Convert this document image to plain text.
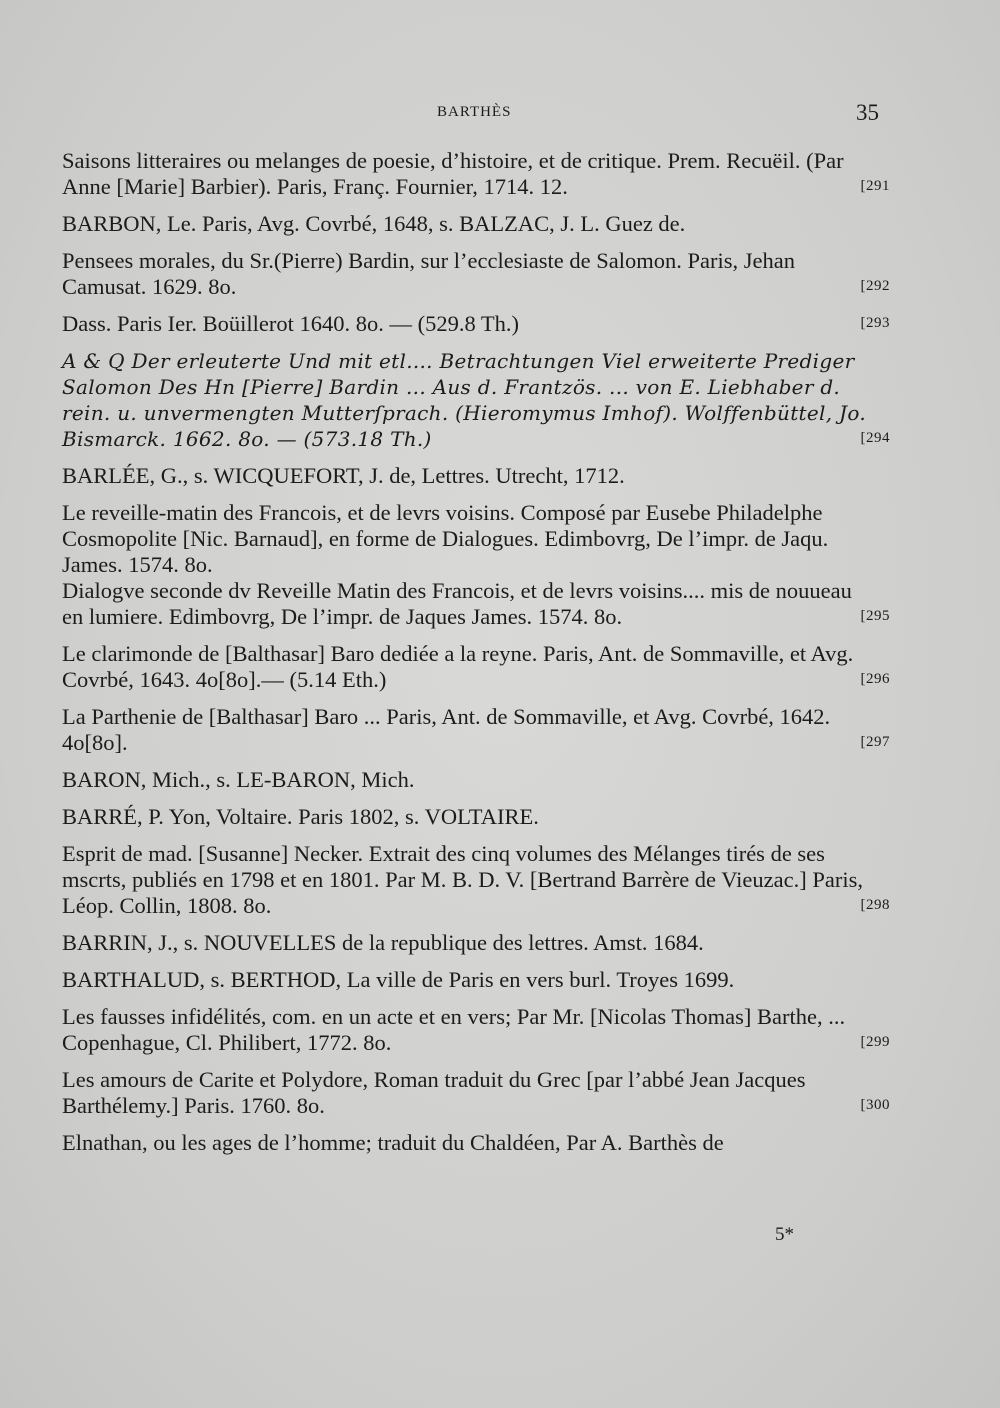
BARTHÈS	35
Saisons litteraires ou melanges de poesie, d’histoire, et de critique. Prem. Recuëil. (Par Anne [Marie] Barbier). Paris, Franç. Fournier, 1714. 12.	[291
BARBON, Le. Paris, Avg. Covrbé, 1648, s. BALZAC, J. L. Guez de.
Pensees morales, du Sr.(Pierre) Bardin, sur l’ecclesiaste de Salomon. Paris, Jehan Camusat. 1629. 8o.	[292
Dass. Paris Ier. Boüillerot 1640. 8o. — (529.8 Th.)	[293
A & Q Der erleuterte Und mit etl.... Betrachtungen Viel erweiterte Prediger Salomon Des Hn [Pierre] Bardin ... Aus d. Frantzös. ... von E. Liebhaber d. rein. u. unvermengten Mutterſprach. (Hieromymus Imhof). Wolffenbüttel, Jo. Bismarck. 1662. 8o. — (573.18 Th.)	[294
BARLÉE, G., s. WICQUEFORT, J. de, Lettres. Utrecht, 1712.
Le reveille-matin des Francois, et de levrs voisins. Composé par Eusebe Philadelphe Cosmopolite [Nic. Barnaud], en forme de Dialogues. Edimbovrg, De l’impr. de Jaqu. James. 1574. 8o.
Dialogve seconde dv Reveille Matin des Francois, et de levrs voisins.... mis de nouueau en lumiere. Edimbovrg, De l’impr. de Jaques James. 1574. 8o.	[295
Le clarimonde de [Balthasar] Baro dediée a la reyne. Paris, Ant. de Sommaville, et Avg. Covrbé, 1643. 4o[8o].— (5.14 Eth.)	[296
La Parthenie de [Balthasar] Baro ... Paris, Ant. de Sommaville, et Avg. Covrbé, 1642. 4o[8o].	[297
BARON, Mich., s. LE-BARON, Mich.
BARRÉ, P. Yon, Voltaire. Paris 1802, s. VOLTAIRE.
Esprit de mad. [Susanne] Necker. Extrait des cinq volumes des Mélanges tirés de ses mscrts, publiés en 1798 et en 1801. Par M. B. D. V. [Bertrand Barrère de Vieuzac.] Paris, Léop. Collin, 1808. 8o.	[298
BARRIN, J., s. NOUVELLES de la republique des lettres. Amst. 1684.
BARTHALUD, s. BERTHOD, La ville de Paris en vers burl. Troyes 1699.
Les fausses infidélités, com. en un acte et en vers; Par Mr. [Nicolas Thomas] Barthe, ... Copenhague, Cl. Philibert, 1772. 8o.	[299
Les amours de Carite et Polydore, Roman traduit du Grec [par l’abbé Jean Jacques Barthélemy.] Paris. 1760. 8o.	[300
Elnathan, ou les ages de l’homme; traduit du Chaldéen, Par A. Barthès de
5*
